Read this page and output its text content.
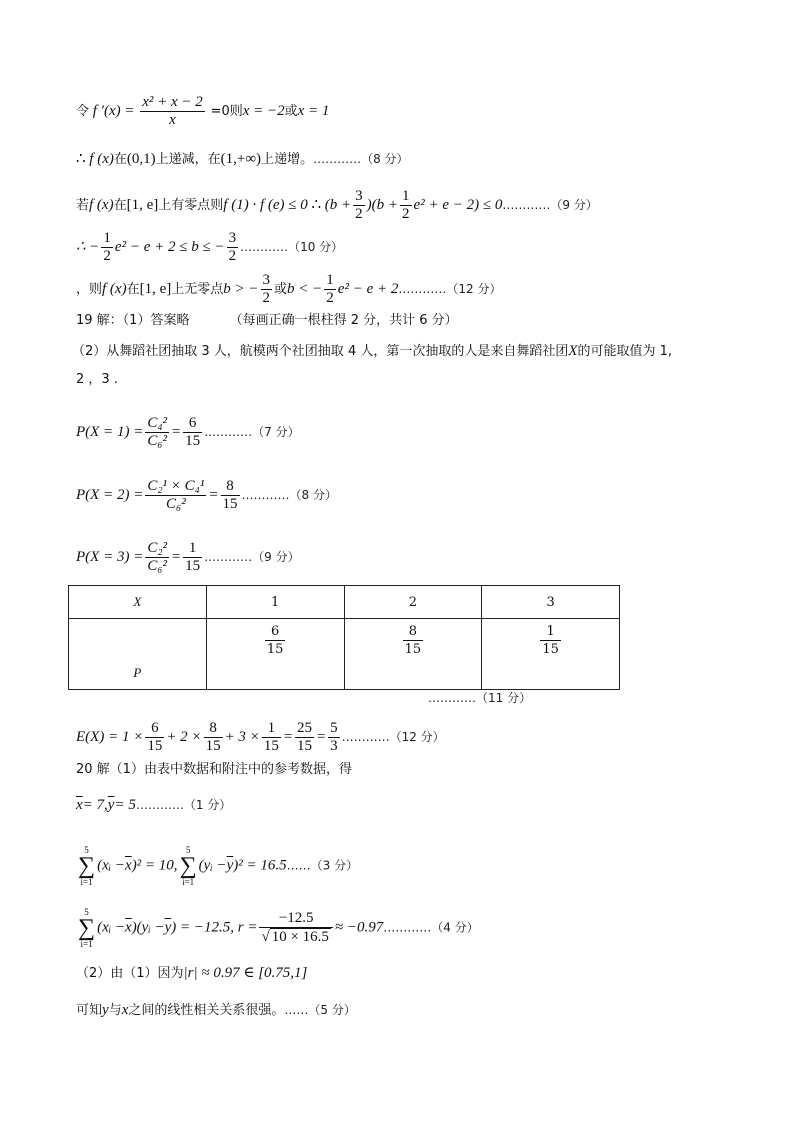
令 f $'(x) = \frac{\text{x² + x − 2}}{x} =0$则x = −2或x = 1
∴ f (x)在(0,1)上递减，在(1,+∞)上递增。…………（8 分）
若f (x)在[1, e]上有零点则f (1) · f (e) ≤ 0 ∴ $(b + \frac{3}{2} )(b + \frac{1}{2} e^2 + e - 2)$ ≤ 0…………（9 分）
∴ − $\frac{1}{2} e^2 - e + 2 \le b$ ≤ − $\frac{3}{2}$ …………（10 分）
，则f (x)在[1, e]上无零点b > − $\frac{3}{2}$ 或b < − $\frac{1}{2} e^2 - e$ + 2…………（12 分）
19 解：（1）答案略	（每画正确一根柱得 2 分，共计 6 分）
（2）从舞蹈社团抽取 3 人，航模两个社团抽取 4 人，第一次抽取的人是来自舞蹈社团X的可能取值为 1,
2 ，3 .
$P(X = 1) = \frac{\text{C₄²}}{\text{C₆²}} = \frac{6}{15}$ …………（7 分）
$P(X = 2) = \frac{\text{C₂¹ × C₄¹}}{\text{C₆²}} = \frac{8}{15}$ …………（8 分）
$P(X = 3) = \frac{\text{C₂²}}{\text{C₆²}} = \frac{1}{15}$ …………（9 分）
X	1	2	3
P	$\frac{6}{15}$	$\frac{8}{15}$	$\frac{1}{15}$
…………（11 分）
$E(X) = 1 \times \frac{6}{15} + 2 \times \frac{8}{15} + 3 \times \frac{1}{15} = \frac{25}{15} = \frac{5}{3}$ …………（12 分）
20 解（1）由表中数据和附注中的参考数据，得
$\overline{x}= 7,\overline{y}=$ 5…………（1 分）
5
∑
i=1
(xᵢ $-\overline{x})^2 = 10$,
5
∑
i=1
(yᵢ $-\overline{y})^2$ = 16.5……（3 分）
5
∑
i=1
(xᵢ $-\overline{x})(yᵢ -\overline{y}) = -12.5$, $r = \frac{-12.5}{√ 10 \times 16.5}$ ≈ −0.97…………（4 分）
（2）由（1）因为|r| ≈ 0.97 ∈ [0.75,1]
可知y与x之间的线性相关关系很强。……（5 分）
